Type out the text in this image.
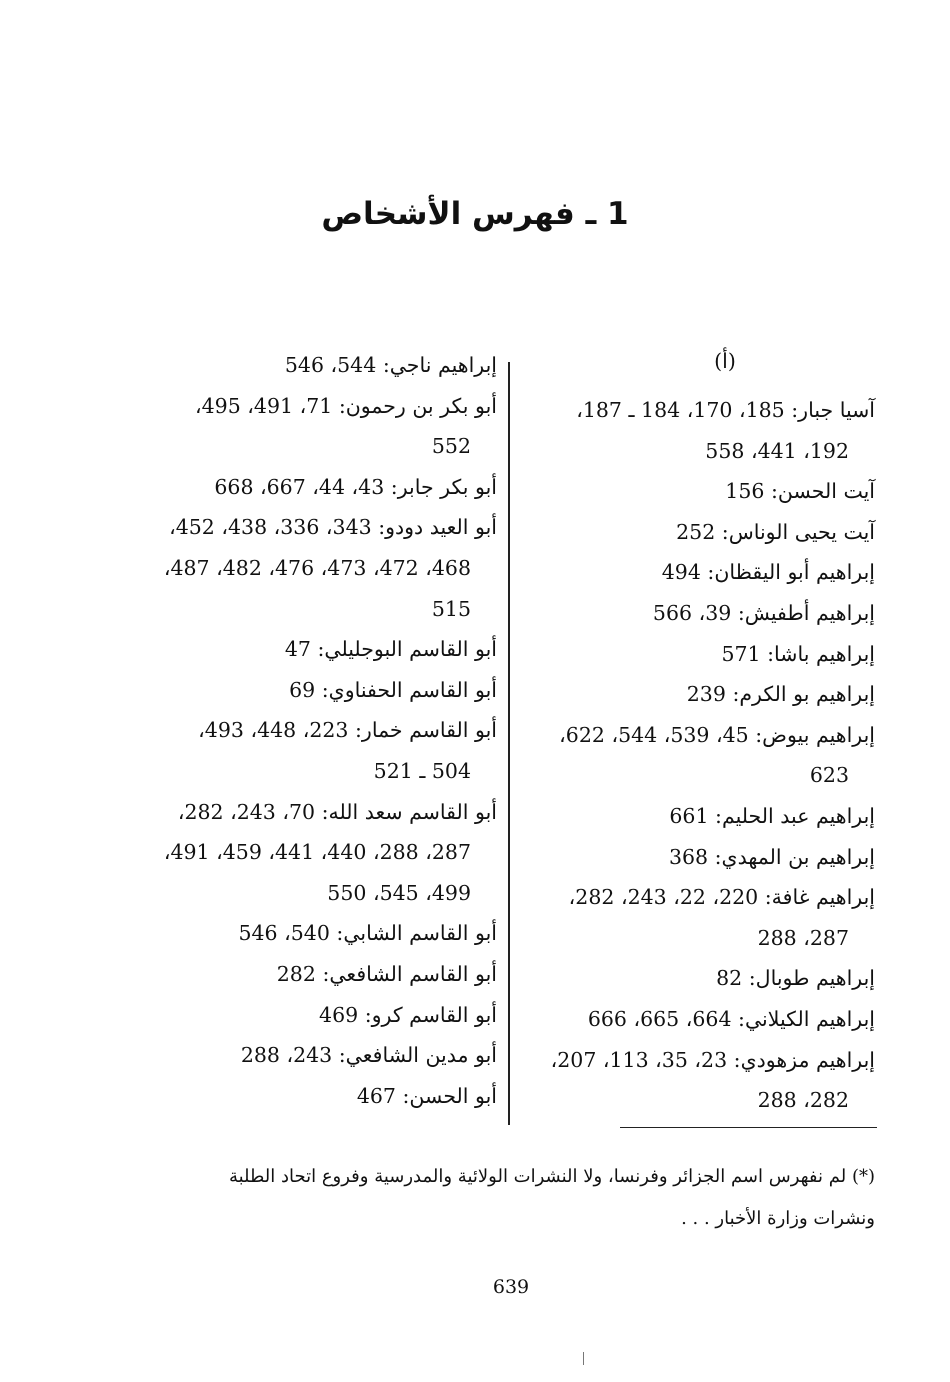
1 ـ فهرس الأشخاص
(أ)
آسيا جبار: 185، 170، 184 ـ 187،
192، 441، 558
آيت الحسن: 156
آيت يحيى الوناس: 252
إبراهيم أبو اليقظان: 494
إبراهيم أطفيش: 39، 566
إبراهيم باشا: 571
إبراهيم بو الكرم: 239
إبراهيم بيوض: 45، 539، 544، 622،
623
إبراهيم عبد الحليم: 661
إبراهيم بن المهدي: 368
إبراهيم غافة: 220، 22، 243، 282،
287، 288
إبراهيم طوبال: 82
إبراهيم الكيلاني: 664، 665، 666
إبراهيم مزهودي: 23، 35، 113، 207،
282، 288
إبراهيم ناجي: 544، 546
أبو بكر بن رحمون: 71، 491، 495،
552
أبو بكر جابر: 43، 44، 667، 668
أبو العيد دودو: 343، 336، 438، 452،
468، 472، 473، 476، 482، 487،
515
أبو القاسم البوجليلي: 47
أبو القاسم الحفناوي: 69
أبو القاسم خمار: 223، 448، 493،
504 ـ 521
أبو القاسم سعد الله: 70، 243، 282،
287، 288، 440، 441، 459، 491،
499، 545، 550
أبو القاسم الشابي: 540، 546
أبو القاسم الشافعي: 282
أبو القاسم كرو: 469
أبو مدين الشافعي: 243، 288
أبو الحسن: 467
(*) لم نفهرس اسم الجزائر وفرنسا، ولا النشرات الولائية والمدرسية وفروع اتحاد الطلبة
ونشرات وزارة الأخبار . . .
639
